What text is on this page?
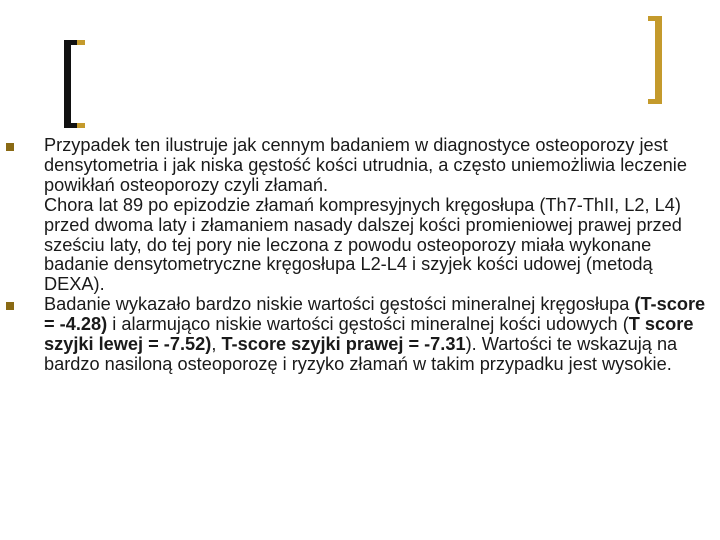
Przypadek ten ilustruje jak cennym badaniem w diagnostyce osteoporozy jest densytometria i jak niska gęstość kości utrudnia, a często uniemożliwia leczenie powikłań osteoporozy czyli złamań.
Chora lat 89 po epizodzie złamań kompresyjnych kręgosłupa (Th7-ThII, L2, L4) przed dwoma laty i złamaniem nasady dalszej kości promieniowej prawej przed sześciu laty, do tej pory nie leczona z powodu osteoporozy miała wykonane badanie densytometryczne kręgosłupa L2-L4 i szyjek kości udowej (metodą DEXA).
Badanie wykazało bardzo niskie wartości gęstości mineralnej kręgosłupa (T-score = -4.28) i alarmująco niskie wartości gęstości mineralnej kości udowych (T score szyjki lewej = -7.52), T-score szyjki prawej = -7.31). Wartości te wskazują na bardzo nasiloną osteoporozę i ryzyko złamań w takim przypadku jest wysokie.
